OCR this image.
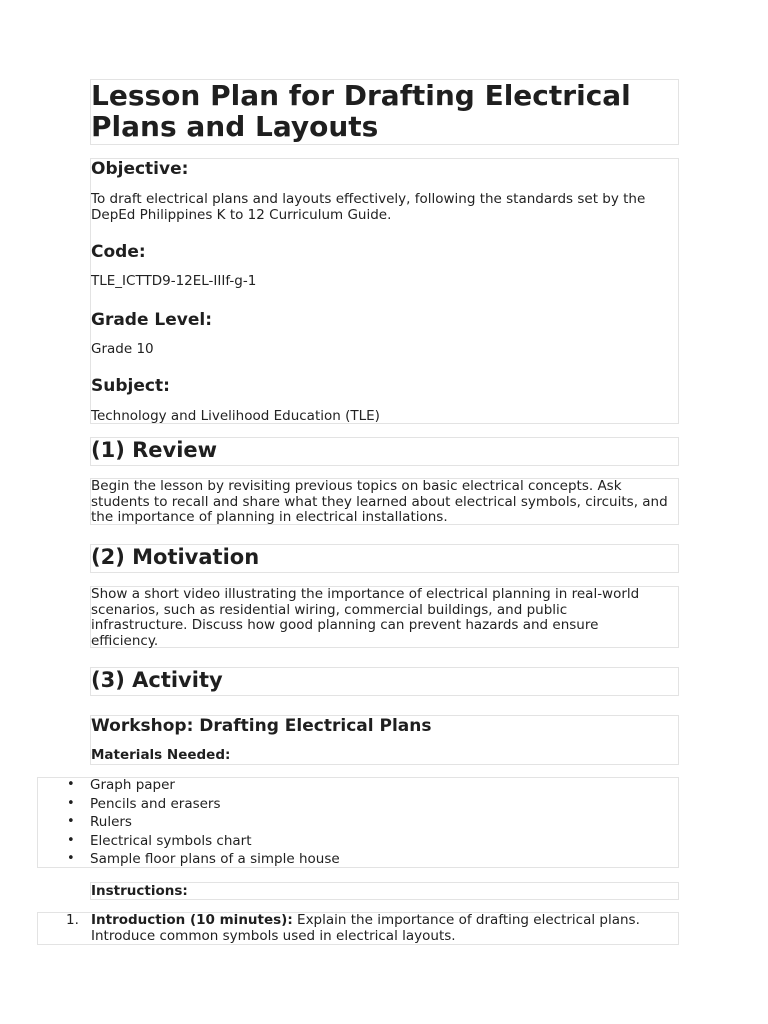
Lesson Plan for Drafting Electrical Plans and Layouts
Objective:

To draft electrical plans and layouts effectively, following the standards set by the DepEd Philippines K to 12 Curriculum Guide.

Code:

TLE_ICTTD9-12EL-IIIf-g-1

Grade Level:

Grade 10

Subject:

Technology and Livelihood Education (TLE)

(1) Review

Begin the lesson by revisiting previous topics on basic electrical concepts. Ask students to recall and share what they learned about electrical symbols, circuits, and the importance of planning in electrical installations.

(2) Motivation

Show a short video illustrating the importance of electrical planning in real-world scenarios, such as residential wiring, commercial buildings, and public infrastructure. Discuss how good planning can prevent hazards and ensure efficiency.

(3) Activity
Workshop: Drafting Electrical Plans
Materials Needed:
• Graph paper
• Pencils and erasers
• Rulers
• Electrical symbols chart
• Sample floor plans of a simple house
Instructions:
1. Introduction (10 minutes): Explain the importance of drafting electrical plans. Introduce common symbols used in electrical layouts.
